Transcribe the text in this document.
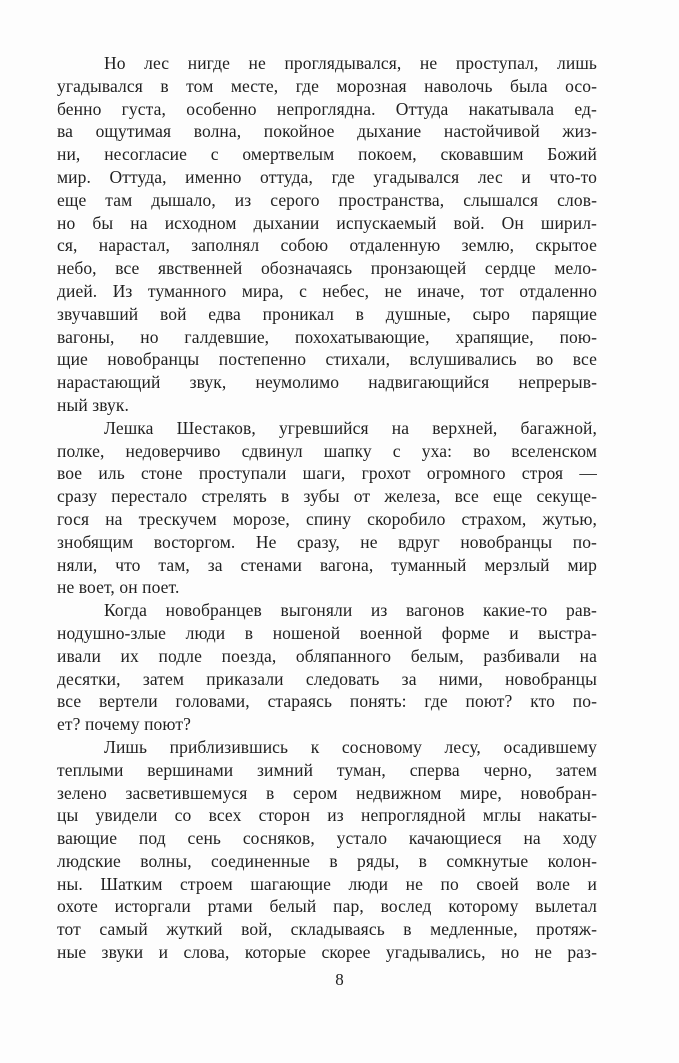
Но лес нигде не проглядывался, не проступал, лишь
угадывался в том месте, где морозная наволочь была осо-
бенно густа, особенно непроглядна. Оттуда накатывала ед-
ва ощутимая волна, покойное дыхание настойчивой жиз-
ни, несогласие с омертвелым покоем, сковавшим Божий
мир. Оттуда, именно оттуда, где угадывался лес и что-то
еще там дышало, из серого пространства, слышался слов-
но бы на исходном дыхании испускаемый вой. Он ширил-
ся, нарастал, заполнял собою отдаленную землю, скрытое
небо, все явственней обозначаясь пронзающей сердце мело-
дией. Из туманного мира, с небес, не иначе, тот отдаленно
звучавший вой едва проникал в душные, сыро парящие
вагоны, но галдевшие, похохатывающие, храпящие, пою-
щие новобранцы постепенно стихали, вслушивались во все
нарастающий звук, неумолимо надвигающийся непрерыв-
ный звук.

Лешка Шестаков, угревшийся на верхней, багажной,
полке, недоверчиво сдвинул шапку с уха: во вселенском
вое иль стоне проступали шаги, грохот огромного строя —
сразу перестало стрелять в зубы от железа, все еще секуще-
гося на трескучем морозе, спину скоробило страхом, жутью,
знобящим восторгом. Не сразу, не вдруг новобранцы по-
няли, что там, за стенами вагона, туманный мерзлый мир
не воет, он поет.

Когда новобранцев выгоняли из вагонов какие-то рав-
нодушно-злые люди в ношеной военной форме и выстра-
ивали их подле поезда, обляпанного белым, разбивали на
десятки, затем приказали следовать за ними, новобранцы
все вертели головами, стараясь понять: где поют? кто по-
ет? почему поют?

Лишь приблизившись к сосновому лесу, осадившему
теплыми вершинами зимний туман, сперва черно, затем
зелено засветившемуся в сером недвижном мире, новобран-
цы увидели со всех сторон из непроглядной мглы накаты-
вающие под сень сосняков, устало качающиеся на ходу
людские волны, соединенные в ряды, в сомкнутые колон-
ны. Шатким строем шагающие люди не по своей воле и
охоте исторгали ртами белый пар, вослед которому вылетал
тот самый жуткий вой, складываясь в медленные, протяж-
ные звуки и слова, которые скорее угадывались, но не раз-

8
